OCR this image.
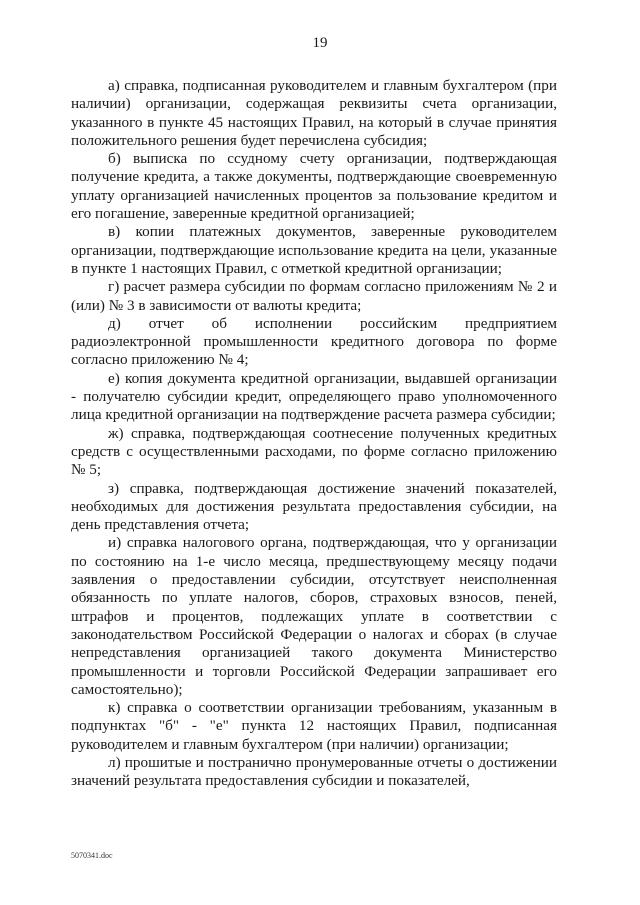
19

а) справка, подписанная руководителем и главным бухгалтером (при наличии) организации, содержащая реквизиты счета организации, указанного в пункте 45 настоящих Правил, на который в случае принятия положительного решения будет перечислена субсидия;

б) выписка по ссудному счету организации, подтверждающая получение кредита, а также документы, подтверждающие своевременную уплату организацией начисленных процентов за пользование кредитом и его погашение, заверенные кредитной организацией;

в) копии платежных документов, заверенные руководителем организации, подтверждающие использование кредита на цели, указанные в пункте 1 настоящих Правил, с отметкой кредитной организации;

г) расчет размера субсидии по формам согласно приложениям № 2 и (или) № 3 в зависимости от валюты кредита;

д) отчет об исполнении российским предприятием радиоэлектронной промышленности кредитного договора по форме согласно приложению № 4;

е) копия документа кредитной организации, выдавшей организации - получателю субсидии кредит, определяющего право уполномоченного лица кредитной организации на подтверждение расчета размера субсидии;

ж) справка, подтверждающая соотнесение полученных кредитных средств с осуществленными расходами, по форме согласно приложению № 5;

з) справка, подтверждающая достижение значений показателей, необходимых для достижения результата предоставления субсидии, на день представления отчета;

и) справка налогового органа, подтверждающая, что у организации по состоянию на 1-е число месяца, предшествующему месяцу подачи заявления о предоставлении субсидии, отсутствует неисполненная обязанность по уплате налогов, сборов, страховых взносов, пеней, штрафов и процентов, подлежащих уплате в соответствии с законодательством Российской Федерации о налогах и сборах (в случае непредставления организацией такого документа Министерство промышленности и торговли Российской Федерации запрашивает его самостоятельно);

к) справка о соответствии организации требованиям, указанным в подпунктах "б" - "е" пункта 12 настоящих Правил, подписанная руководителем и главным бухгалтером (при наличии) организации;

л) прошитые и постранично пронумерованные отчеты о достижении значений результата предоставления субсидии и показателей,

5070341.doc
